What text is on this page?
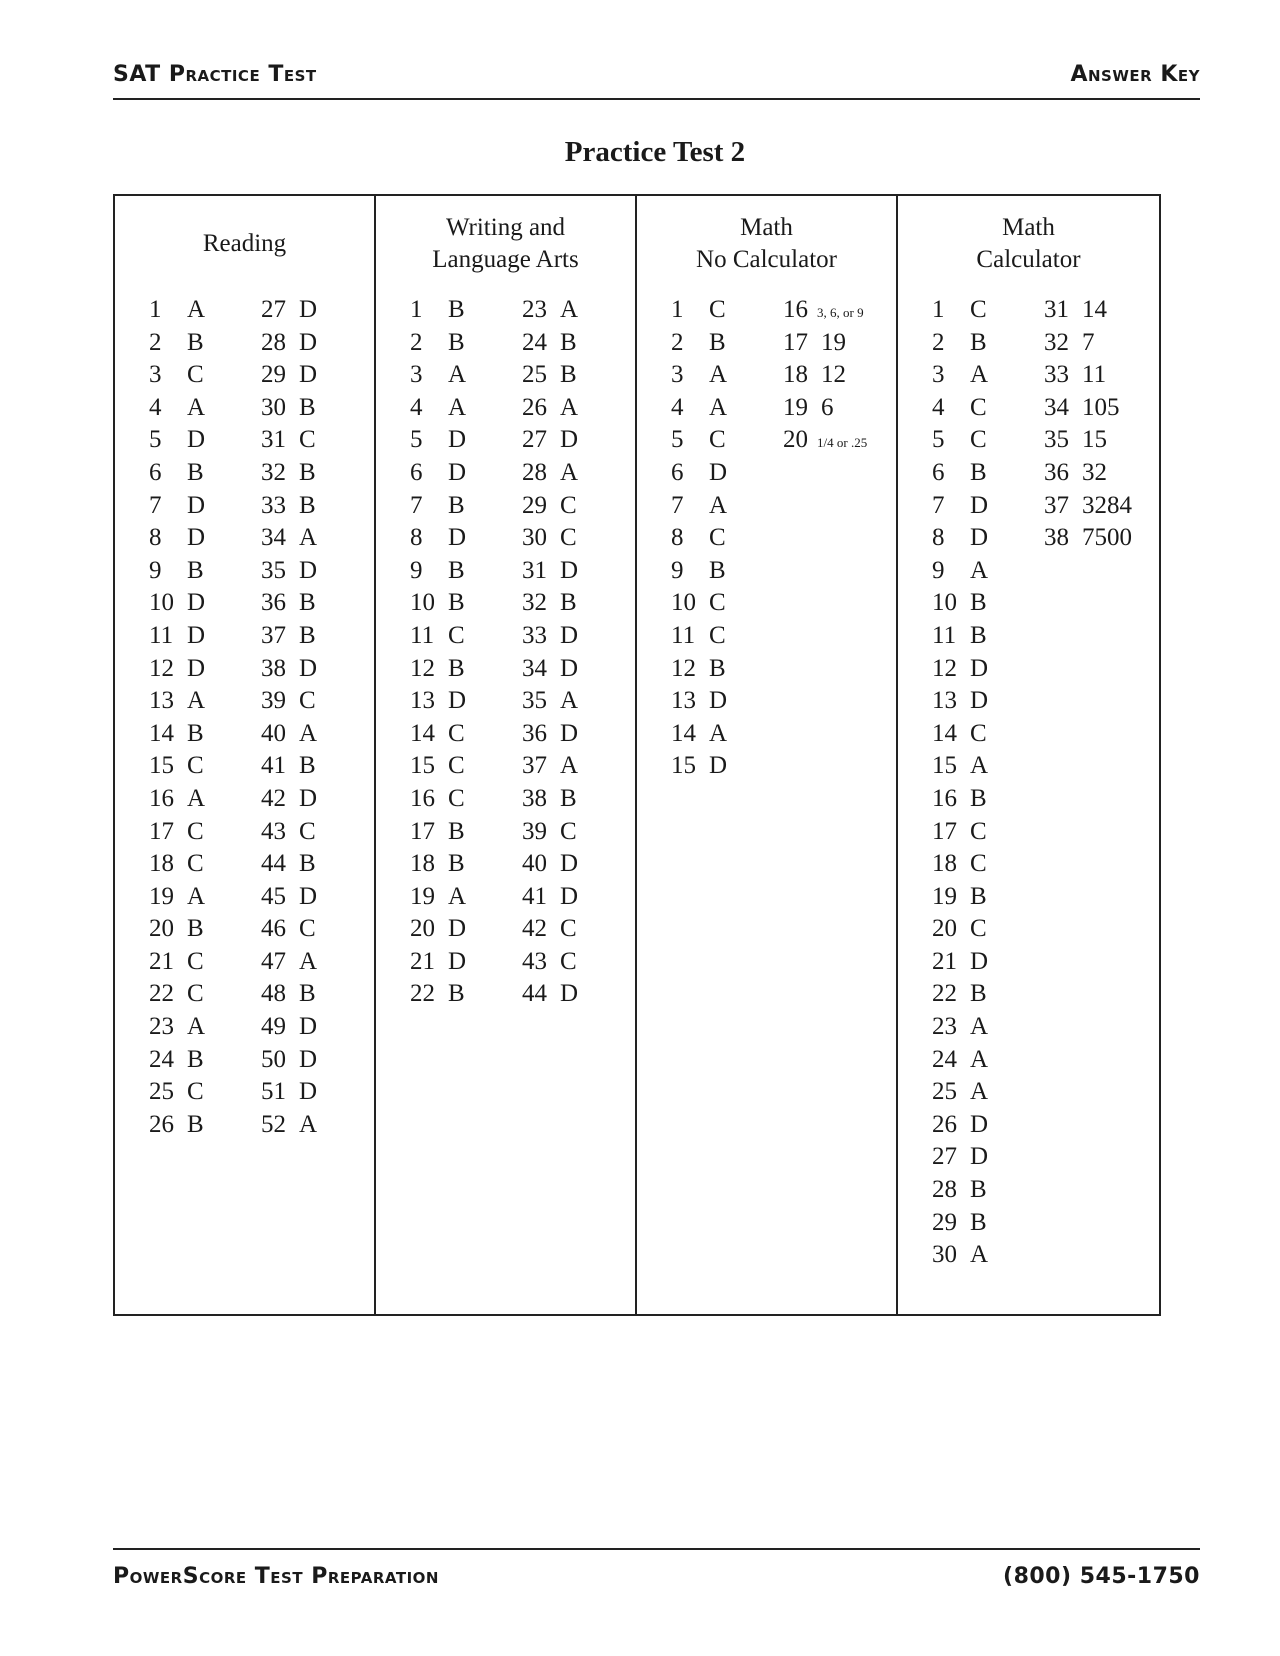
SAT Practice Test	Answer Key
Practice Test 2
Reading
1 A
2 B
3 C
4 A
5 D
6 B
7 D
8 D
9 B
10 D
11 D
12 D
13 A
14 B
15 C
16 A
17 C
18 C
19 A
20 B
21 C
22 C
23 A
24 B
25 C
26 B
27 D
28 D
29 D
30 B
31 C
32 B
33 B
34 A
35 D
36 B
37 B
38 D
39 C
40 A
41 B
42 D
43 C
44 B
45 D
46 C
47 A
48 B
49 D
50 D
51 D
52 A
Writing and
Language Arts
1 B
2 B
3 A
4 A
5 D
6 D
7 B
8 D
9 B
10 B
11 C
12 B
13 D
14 C
15 C
16 C
17 B
18 B
19 A
20 D
21 D
22 B
23 A
24 B
25 B
26 A
27 D
28 A
29 C
30 C
31 D
32 B
33 D
34 D
35 A
36 D
37 A
38 B
39 C
40 D
41 D
42 C
43 C
44 D
Math
No Calculator
1 C
2 B
3 A
4 A
5 C
6 D
7 A
8 C
9 B
10 C
11 C
12 B
13 D
14 A
15 D
16 3, 6, or 9
17 19
18 12
19 6
20 1/4 or .25
Math
Calculator
1 C
2 B
3 A
4 C
5 C
6 B
7 D
8 D
9 A
10 B
11 B
12 D
13 D
14 C
15 A
16 B
17 C
18 C
19 B
20 C
21 D
22 B
23 A
24 A
25 A
26 D
27 D
28 B
29 B
30 A
31 14
32 7
33 11
34 105
35 15
36 32
37 3284
38 7500
PowerScore Test Preparation	(800) 545-1750
